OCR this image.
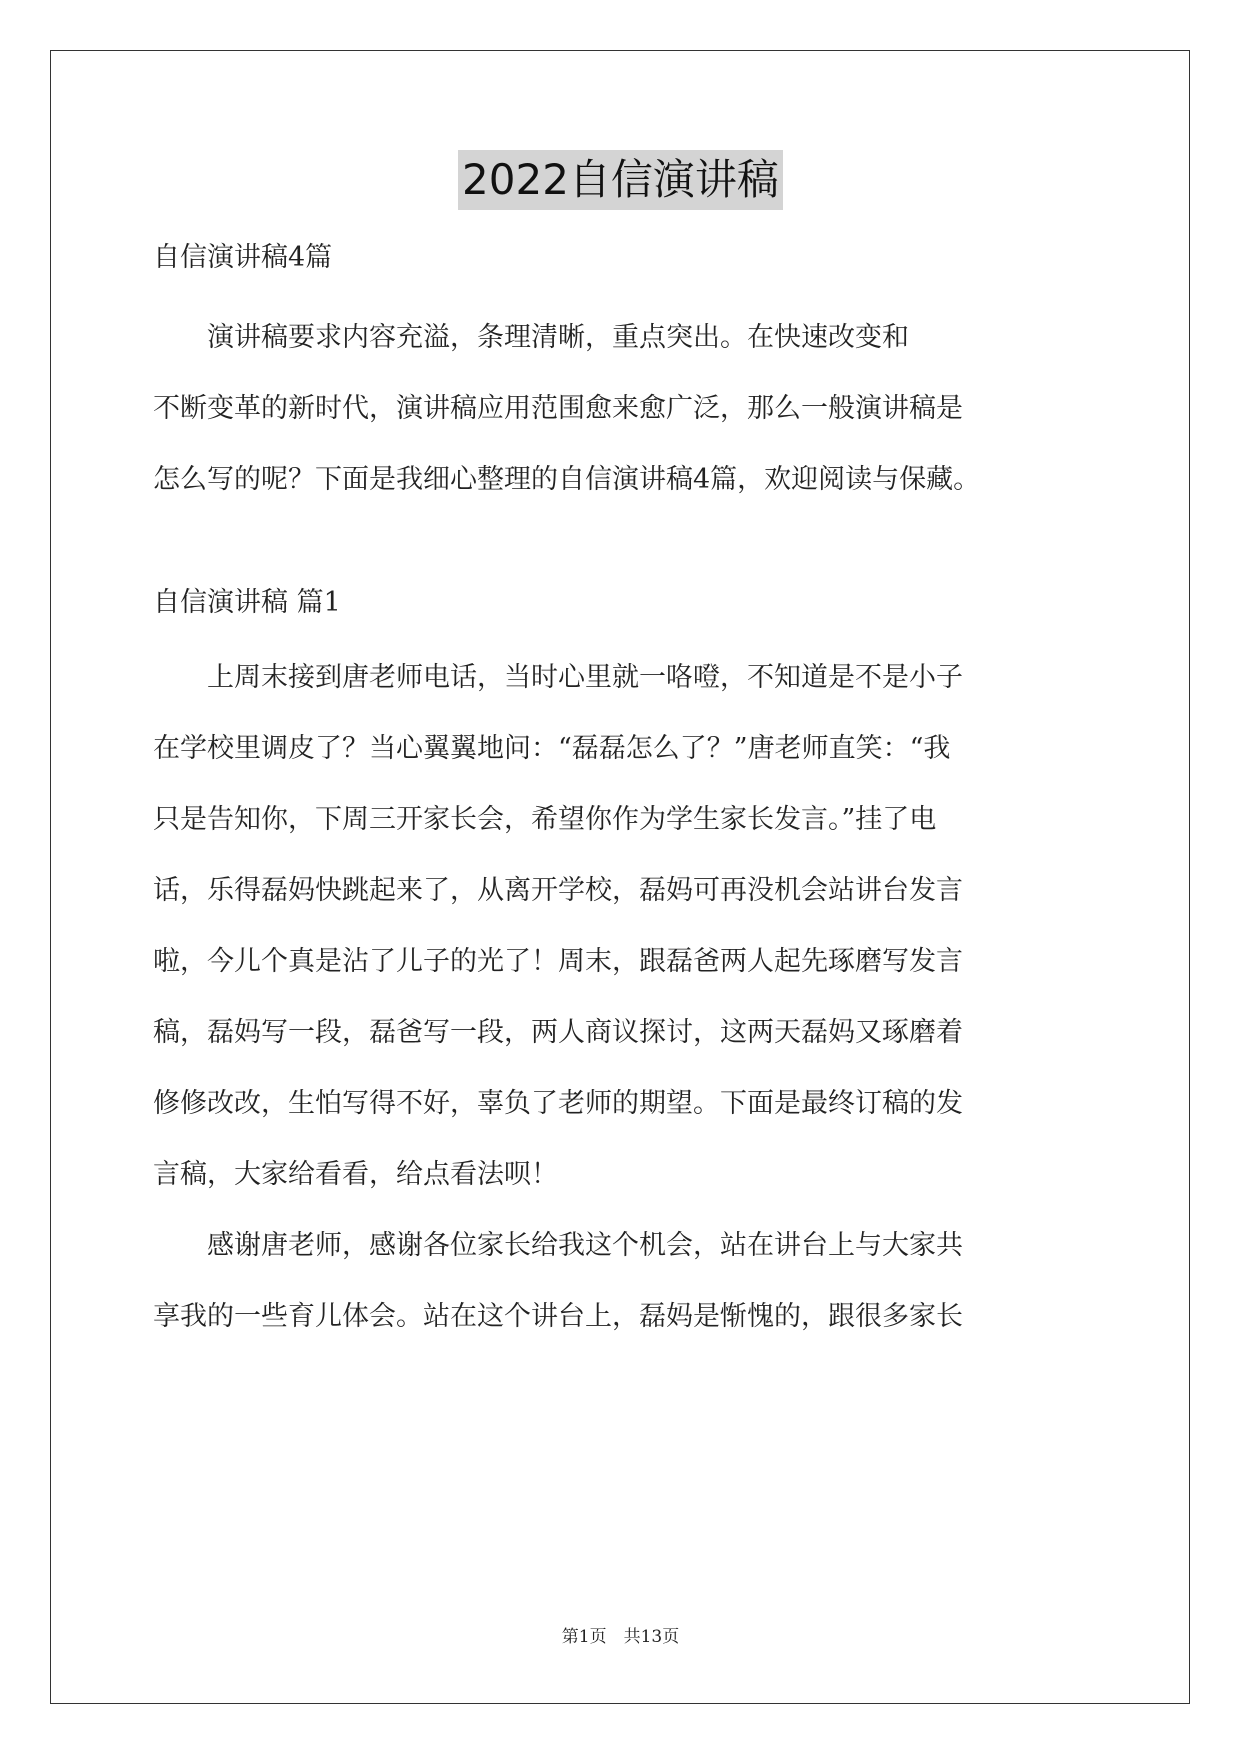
2022自信演讲稿
自信演讲稿4篇
　　演讲稿要求内容充溢，条理清晰，重点突出。在快速改变和
不断变革的新时代，演讲稿应用范围愈来愈广泛，那么一般演讲稿是
怎么写的呢？下面是我细心整理的自信演讲稿4篇，欢迎阅读与保藏。
自信演讲稿 篇1
　　上周末接到唐老师电话，当时心里就一咯噔，不知道是不是小子
在学校里调皮了？当心翼翼地问：“磊磊怎么了？”唐老师直笑：“我
只是告知你，下周三开家长会，希望你作为学生家长发言。”挂了电
话，乐得磊妈快跳起来了，从离开学校，磊妈可再没机会站讲台发言
啦，今儿个真是沾了儿子的光了！周末，跟磊爸两人起先琢磨写发言
稿，磊妈写一段，磊爸写一段，两人商议探讨，这两天磊妈又琢磨着
修修改改，生怕写得不好，辜负了老师的期望。下面是最终订稿的发
言稿，大家给看看，给点看法呗！
　　感谢唐老师，感谢各位家长给我这个机会，站在讲台上与大家共
享我的一些育儿体会。站在这个讲台上，磊妈是惭愧的，跟很多家长
第1页　共13页
